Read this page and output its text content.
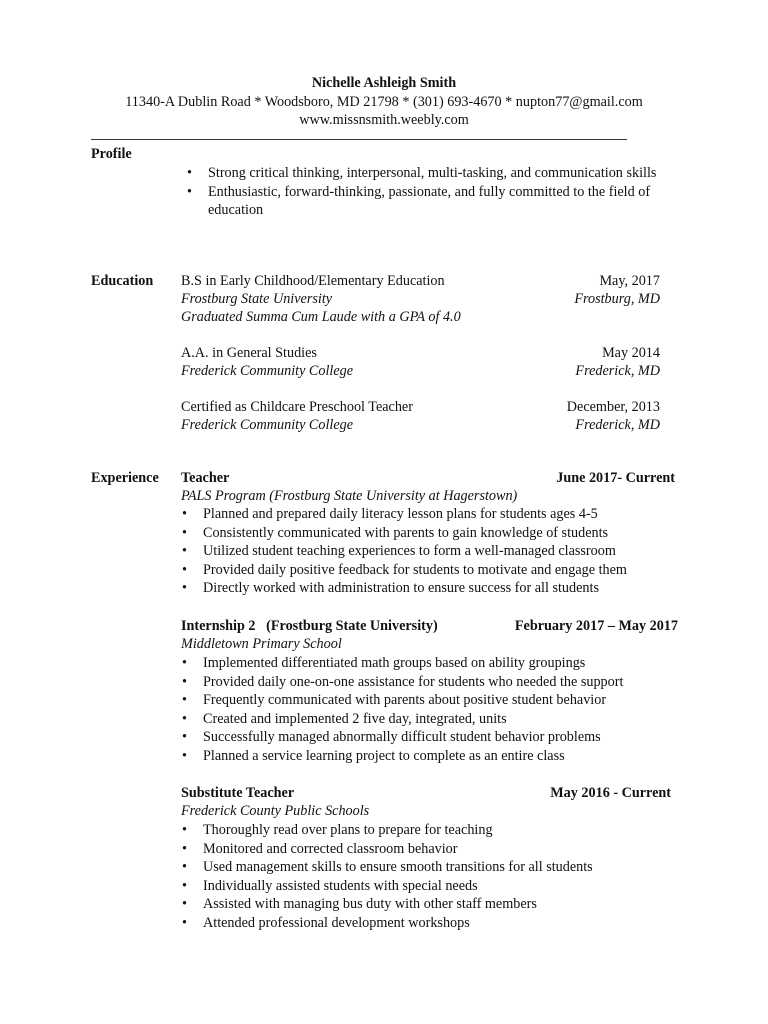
Nichelle Ashleigh Smith
11340-A Dublin Road * Woodsboro, MD 21798 * (301) 693-4670 * nupton77@gmail.com
www.missnsmith.weebly.com
Profile
• Strong critical thinking, interpersonal, multi-tasking, and communication skills
• Enthusiastic, forward-thinking, passionate, and fully committed to the field of education
Education B.S in Early Childhood/Elementary Education	May, 2017
Frostburg State University	Frostburg, MD
Graduated Summa Cum Laude with a GPA of 4.0
A.A. in General Studies	May 2014
Frederick Community College	Frederick, MD
Certified as Childcare Preschool Teacher	December, 2013
Frederick Community College	Frederick, MD
Experience Teacher	June 2017- Current
PALS Program (Frostburg State University at Hagerstown)
• Planned and prepared daily literacy lesson plans for students ages 4-5
• Consistently communicated with parents to gain knowledge of students
• Utilized student teaching experiences to form a well-managed classroom
• Provided daily positive feedback for students to motivate and engage them
• Directly worked with administration to ensure success for all students
Internship 2   (Frostburg State University)	February 2017 – May 2017
Middletown Primary School
• Implemented differentiated math groups based on ability groupings
• Provided daily one-on-one assistance for students who needed the support
• Frequently communicated with parents about positive student behavior
• Created and implemented 2 five day, integrated, units
• Successfully managed abnormally difficult student behavior problems
• Planned a service learning project to complete as an entire class
Substitute Teacher	May 2016 - Current
Frederick County Public Schools
• Thoroughly read over plans to prepare for teaching
• Monitored and corrected classroom behavior
• Used management skills to ensure smooth transitions for all students
• Individually assisted students with special needs
• Assisted with managing bus duty with other staff members
• Attended professional development workshops
